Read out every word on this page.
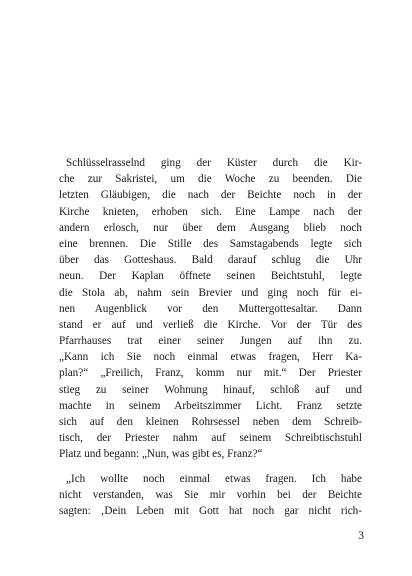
Schlüsselrasselnd ging der Küster durch die Kir-
che zur Sakristei, um die Woche zu beenden. Die
letzten Gläubigen, die nach der Beichte noch in der
Kirche knieten, erhoben sich. Eine Lampe nach der
andern erlosch, nur über dem Ausgang blieb noch
eine brennen. Die Stille des Samstagabends legte sich
über das Gotteshaus. Bald darauf schlug die Uhr
neun. Der Kaplan öffnete seinen Beichtstuhl, legte
die Stola ab, nahm sein Brevier und ging noch für ei-
nen Augenblick vor den Muttergottesaltar. Dann
stand er auf und verließ die Kirche. Vor der Tür des
Pfarrhauses trat einer seiner Jungen auf ihn zu.
„Kann ich Sie noch einmal etwas fragen, Herr Ka-
plan?“ „Freilich, Franz, komm nur mit.“ Der Priester
stieg zu seiner Wohnung hinauf, schloß auf und
machte in seinem Arbeitszimmer Licht. Franz setzte
sich auf den kleinen Rohrsessel neben dem Schreib-
tisch, der Priester nahm auf seinem Schreibtischstuhl
Platz und begann: „Nun, was gibt es, Franz?“
„Ich wollte noch einmal etwas fragen. Ich habe
nicht verstanden, was Sie mir vorhin bei der Beichte
sagten: ‚Dein Leben mit Gott hat noch gar nicht rich-
3
